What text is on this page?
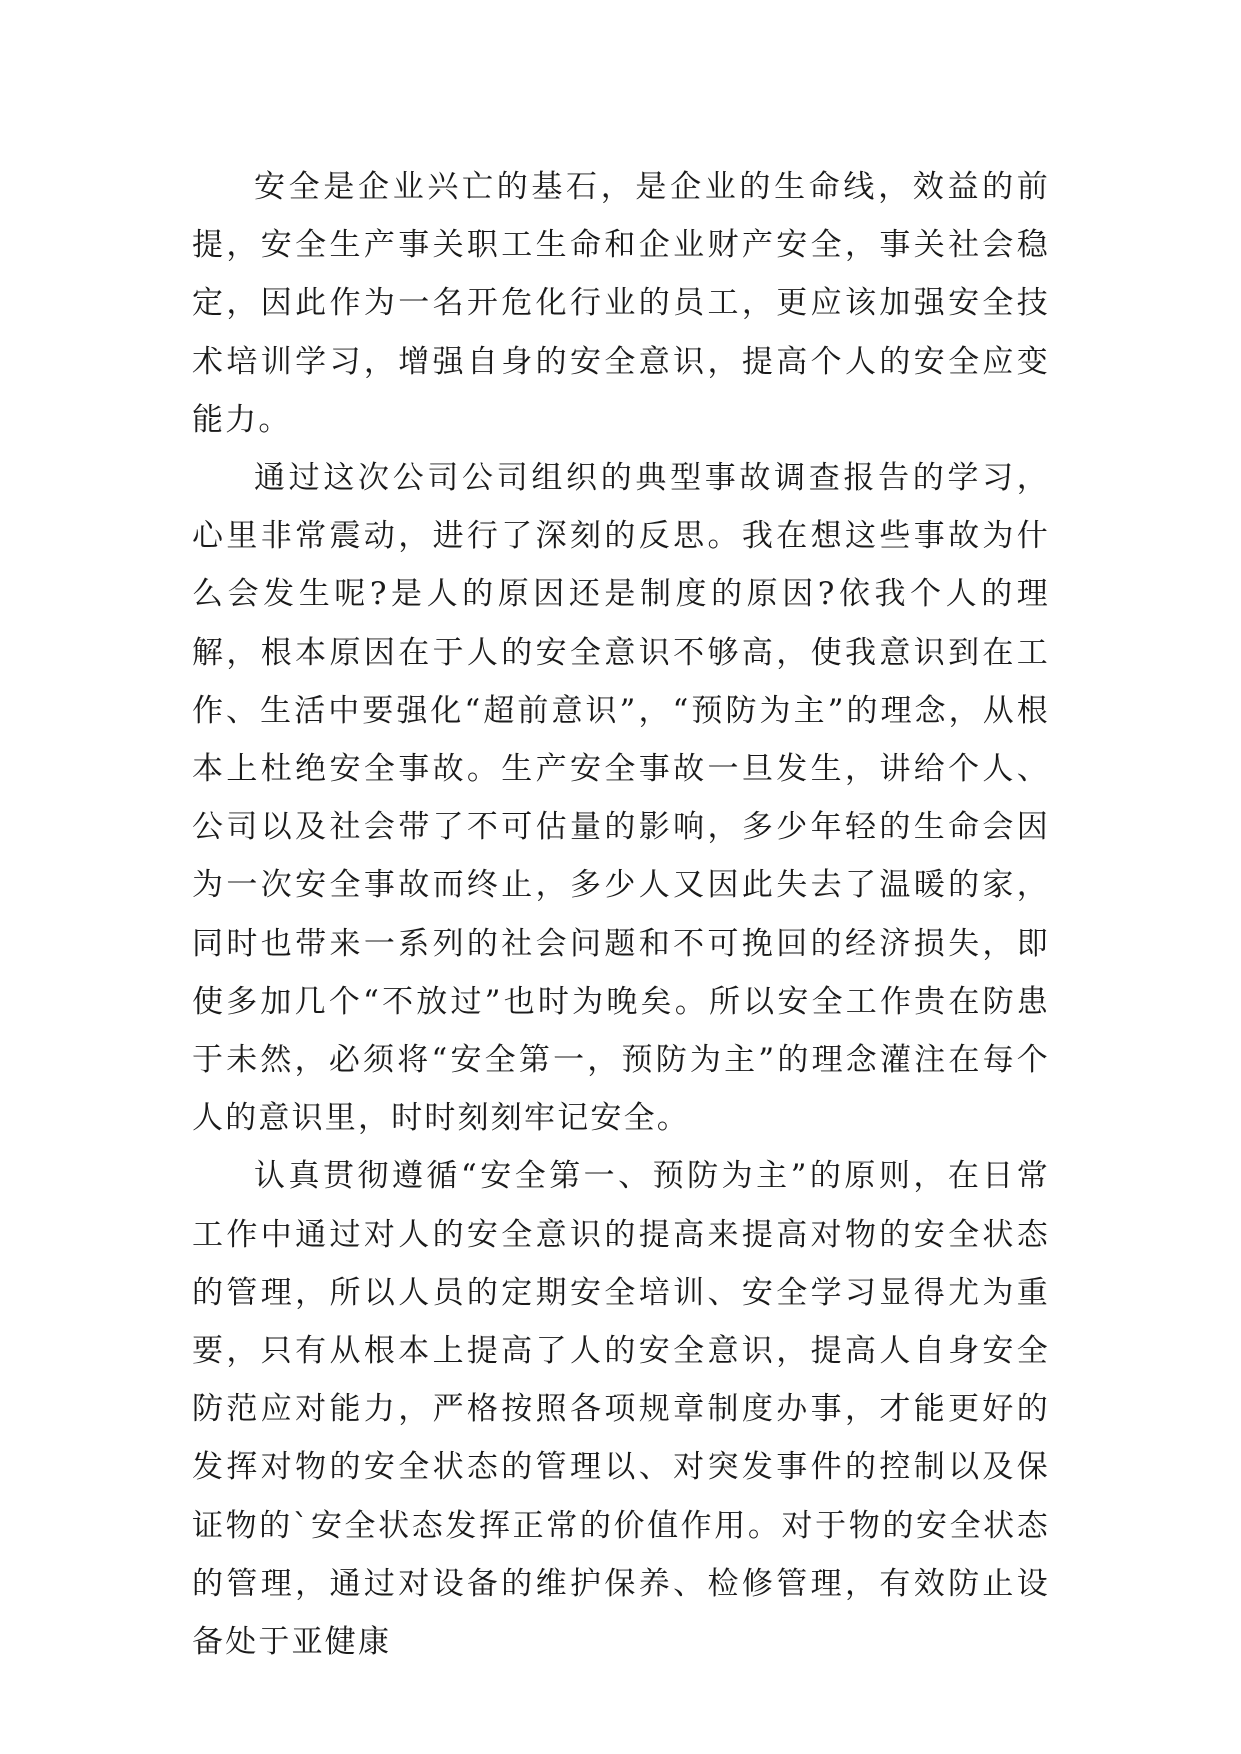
安全是企业兴亡的基石，是企业的生命线，效益的前提，安全生产事关职工生命和企业财产安全，事关社会稳定，因此作为一名开危化行业的员工，更应该加强安全技术培训学习，增强自身的安全意识，提高个人的安全应变能力。

通过这次公司公司组织的典型事故调查报告的学习，心里非常震动，进行了深刻的反思。我在想这些事故为什么会发生呢?是人的原因还是制度的原因?依我个人的理解，根本原因在于人的安全意识不够高，使我意识到在工作、生活中要强化“超前意识”，“预防为主”的理念，从根本上杜绝安全事故。生产安全事故一旦发生，讲给个人、公司以及社会带了不可估量的影响，多少年轻的生命会因为一次安全事故而终止，多少人又因此失去了温暖的家，同时也带来一系列的社会问题和不可挽回的经济损失，即使多加几个“不放过”也时为晚矣。所以安全工作贵在防患于未然，必须将“安全第一，预防为主”的理念灌注在每个人的意识里，时时刻刻牢记安全。

认真贯彻遵循“安全第一、预防为主”的原则，在日常工作中通过对人的安全意识的提高来提高对物的安全状态的管理，所以人员的定期安全培训、安全学习显得尤为重要，只有从根本上提高了人的安全意识，提高人自身安全防范应对能力，严格按照各项规章制度办事，才能更好的发挥对物的安全状态的管理以、对突发事件的控制以及保证物的`安全状态发挥正常的价值作用。对于物的安全状态的管理，通过对设备的维护保养、检修管理，有效防止设备处于亚健康
